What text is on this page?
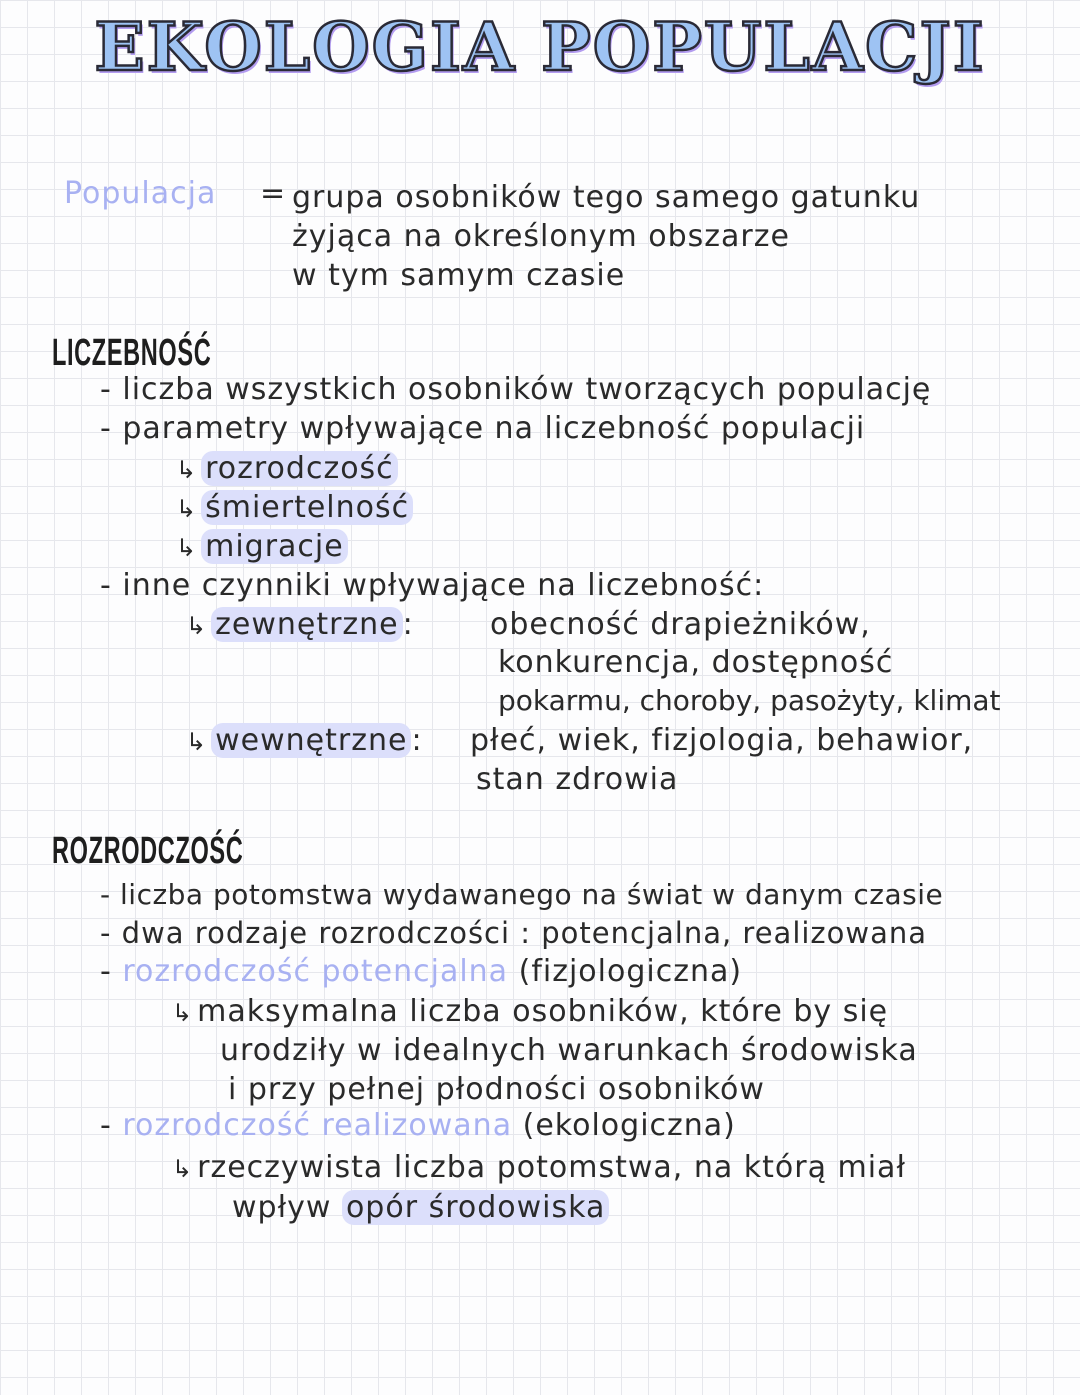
EKOLOGIA POPULACJI
Populacja = grupa osobników tego samego gatunku
żyjąca na określonym obszarze
w tym samym czasie
LICZEBNOŚĆ
- liczba wszystkich osobników tworzących populację
- parametry wpływające na liczebność populacji
↳ rozrodczość
↳ śmiertelność
↳ migracje
- inne czynniki wpływające na liczebność:
↳ zewnętrzne :	obecność drapieżników,
konkurencja, dostępność
pokarmu, choroby, pasożyty, klimat
↳ wewnętrzne : płeć, wiek, fizjologia, behawior,
stan zdrowia
ROZRODCZOŚĆ
- liczba potomstwa wydawanego na świat w danym czasie
- dwa rodzaje rozrodczości : potencjalna, realizowana
- rozrodczość potencjalna (fizjologiczna)
↳ maksymalna liczba osobników, które by się
urodziły w idealnych warunkach środowiska
i przy pełnej płodności osobników
- rozrodczość realizowana (ekologiczna)
↳ rzeczywista liczba potomstwa, na którą miał
wpływ opór środowiska
